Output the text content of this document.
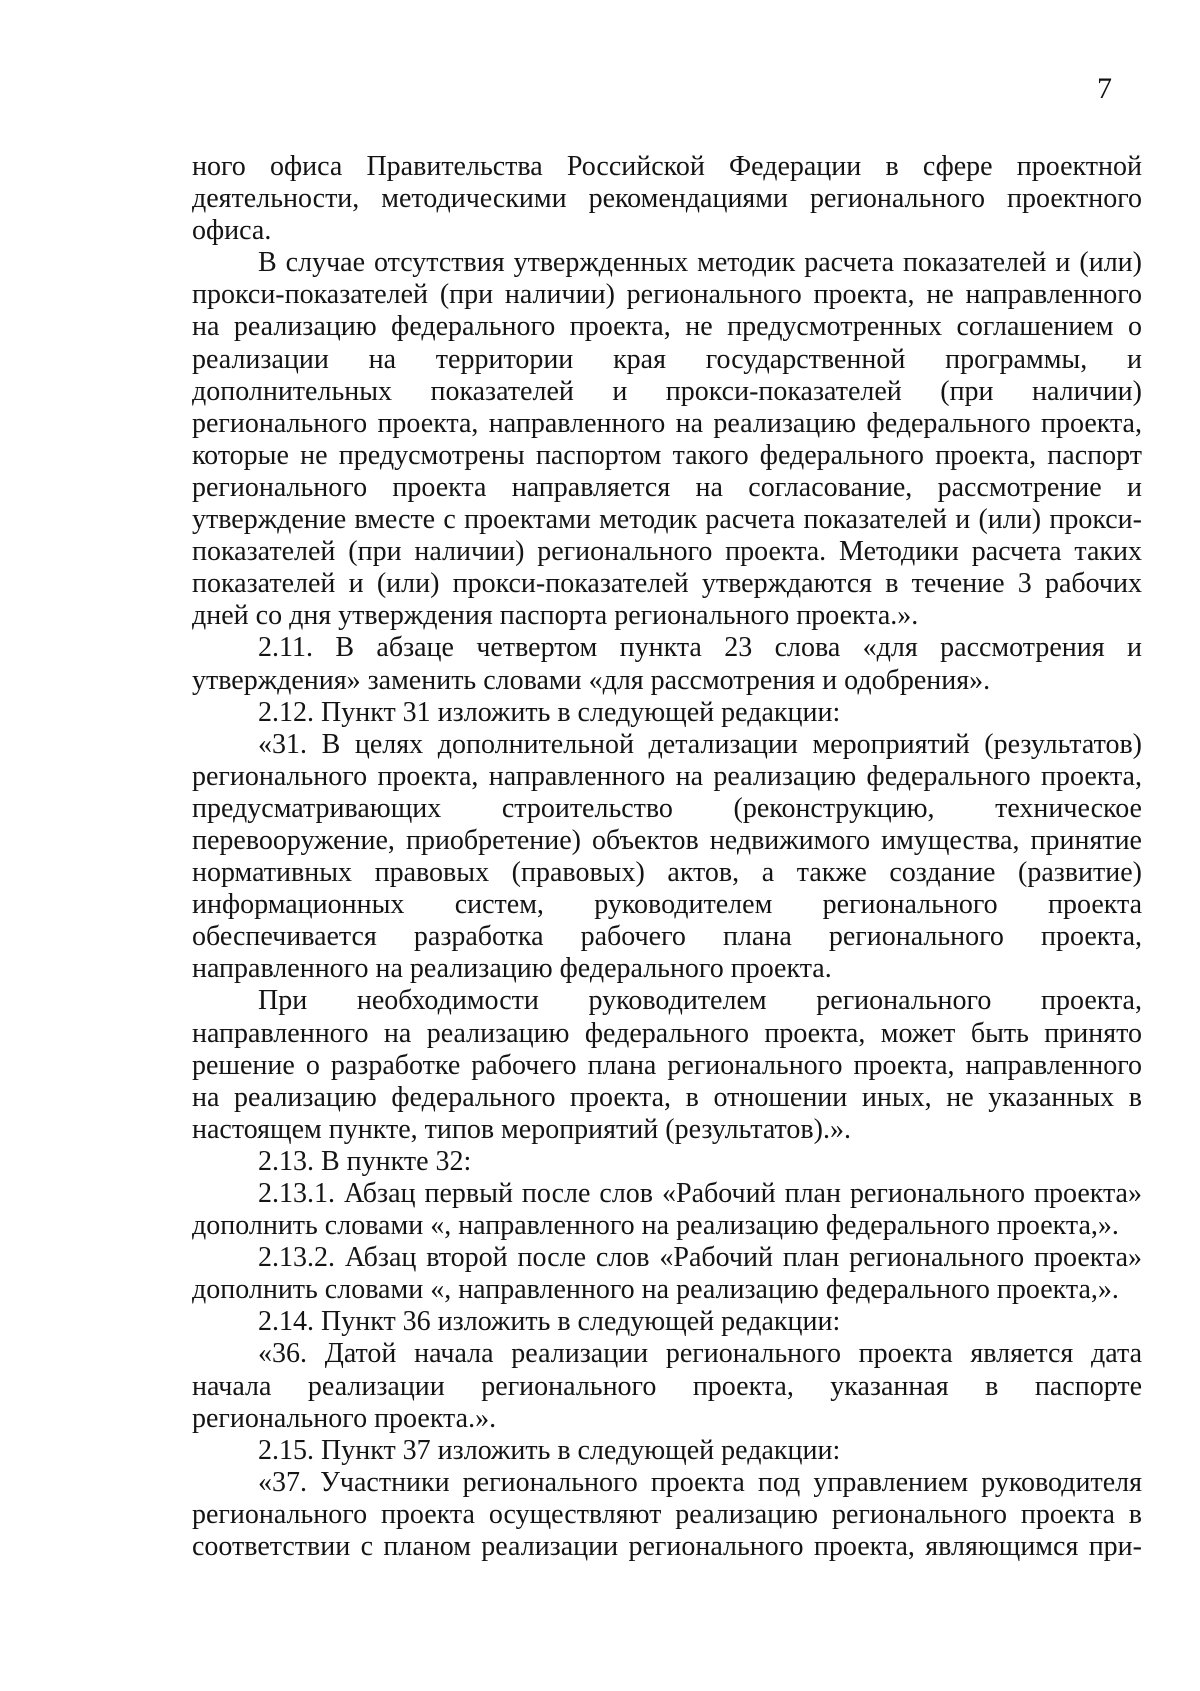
7

ного офиса Правительства Российской Федерации в сфере проектной деятельности, методическими рекомендациями регионального проектного офиса.

В случае отсутствия утвержденных методик расчета показателей и (или) прокси-показателей (при наличии) регионального проекта, не направленного на реализацию федерального проекта, не предусмотренных соглашением о реализации на территории края государственной программы, и дополнительных показателей и прокси-показателей (при наличии) регионального проекта, направленного на реализацию федерального проекта, которые не предусмотрены паспортом такого федерального проекта, паспорт регионального проекта направляется на согласование, рассмотрение и утверждение вместе с проектами методик расчета показателей и (или) прокси-показателей (при наличии) регионального проекта. Методики расчета таких показателей и (или) прокси-показателей утверждаются в течение 3 рабочих дней со дня утверждения паспорта регионального проекта.».

2.11. В абзаце четвертом пункта 23 слова «для рассмотрения и утверждения» заменить словами «для рассмотрения и одобрения».

2.12. Пункт 31 изложить в следующей редакции:

«31. В целях дополнительной детализации мероприятий (результатов) регионального проекта, направленного на реализацию федерального проекта, предусматривающих строительство (реконструкцию, техническое перевооружение, приобретение) объектов недвижимого имущества, принятие нормативных правовых (правовых) актов, а также создание (развитие) информационных систем, руководителем регионального проекта обеспечивается разработка рабочего плана регионального проекта, направленного на реализацию федерального проекта.

При необходимости руководителем регионального проекта, направленного на реализацию федерального проекта, может быть принято решение о разработке рабочего плана регионального проекта, направленного на реализацию федерального проекта, в отношении иных, не указанных в настоящем пункте, типов мероприятий (результатов).».

2.13. В пункте 32:

2.13.1. Абзац первый после слов «Рабочий план регионального проекта» дополнить словами «, направленного на реализацию федерального проекта,».

2.13.2. Абзац второй после слов «Рабочий план регионального проекта» дополнить словами «, направленного на реализацию федерального проекта,».

2.14. Пункт 36 изложить в следующей редакции:

«36. Датой начала реализации регионального проекта является дата начала реализации регионального проекта, указанная в паспорте регионального проекта.».

2.15. Пункт 37 изложить в следующей редакции:

«37. Участники регионального проекта под управлением руководителя регионального проекта осуществляют реализацию регионального проекта в соответствии с планом реализации регионального проекта, являющимся при-
